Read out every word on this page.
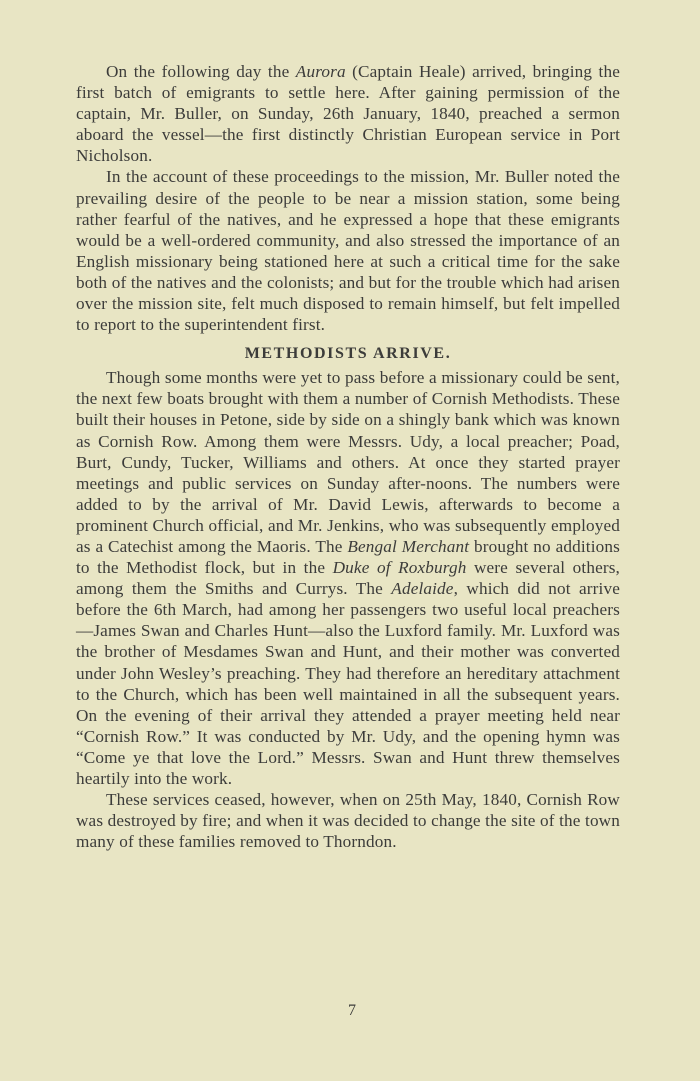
On the following day the Aurora (Captain Heale) arrived, bringing the first batch of emigrants to settle here. After gaining permission of the captain, Mr. Buller, on Sunday, 26th January, 1840, preached a sermon aboard the vessel—the first distinctly Christian European service in Port Nicholson.

In the account of these proceedings to the mission, Mr. Buller noted the prevailing desire of the people to be near a mission station, some being rather fearful of the natives, and he expressed a hope that these emigrants would be a well-ordered community, and also stressed the importance of an English missionary being stationed here at such a critical time for the sake both of the natives and the colonists; and but for the trouble which had arisen over the mission site, felt much disposed to remain himself, but felt impelled to report to the superintendent first.

METHODISTS ARRIVE.

Though some months were yet to pass before a missionary could be sent, the next few boats brought with them a number of Cornish Methodists. These built their houses in Petone, side by side on a shingly bank which was known as Cornish Row. Among them were Messrs. Udy, a local preacher; Poad, Burt, Cundy, Tucker, Williams and others. At once they started prayer meetings and public services on Sunday after-noons. The numbers were added to by the arrival of Mr. David Lewis, afterwards to become a prominent Church official, and Mr. Jenkins, who was subsequently employed as a Catechist among the Maoris. The Bengal Merchant brought no additions to the Methodist flock, but in the Duke of Roxburgh were several others, among them the Smiths and Currys. The Adelaide, which did not arrive before the 6th March, had among her passengers two useful local preachers—James Swan and Charles Hunt—also the Luxford family. Mr. Luxford was the brother of Mesdames Swan and Hunt, and their mother was converted under John Wesley’s preaching. They had therefore an hereditary attachment to the Church, which has been well maintained in all the subsequent years. On the evening of their arrival they attended a prayer meeting held near “Cornish Row.” It was conducted by Mr. Udy, and the opening hymn was “Come ye that love the Lord.” Messrs. Swan and Hunt threw themselves heartily into the work.

These services ceased, however, when on 25th May, 1840, Cornish Row was destroyed by fire; and when it was decided to change the site of the town many of these families removed to Thorndon.

7
